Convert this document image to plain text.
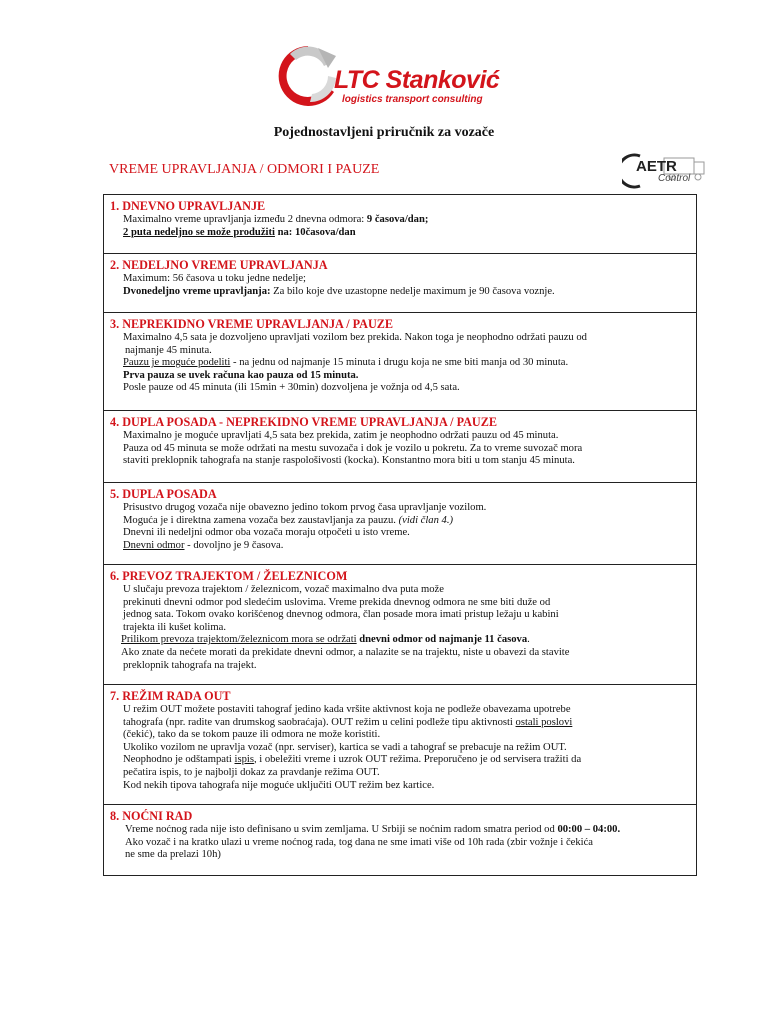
LTC Stanković
logistics transport consulting
Pojednostavljeni priručnik za vozače
VREME UPRAVLJANJA / ODMORI I PAUZE	AETR
Control
1. DNEVNO UPRAVLJANJE
Maximalno vreme upravljanja između 2 dnevna odmora: 9 časova/dan;
2 puta nedeljno se može produžiti na: 10časova/dan
2. NEDELJNO VREME UPRAVLJANJA
Maximum: 56 časova u toku jedne nedelje;
Dvonedeljno vreme upravljanja: Za bilo koje dve uzastopne nedelje maximum je 90 časova voznje.
3. NEPREKIDNO VREME UPRAVLJANJA / PAUZE
Maximalno 4,5 sata je dozvoljeno upravljati vozilom bez prekida. Nakon toga je neophodno održati pauzu od
najmanje 45 minuta.
Pauzu je moguće podeliti - na jednu od najmanje 15 minuta i drugu koja ne sme biti manja od 30 minuta.
Prva pauza se uvek računa kao pauza od 15 minuta.
Posle pauze od 45 minuta (ili 15min + 30min) dozvoljena je vožnja od 4,5 sata.
4. DUPLA POSADA - NEPREKIDNO VREME UPRAVLJANJA / PAUZE
Maximalno je moguće upravljati 4,5 sata bez prekida, zatim je neophodno održati pauzu od 45 minuta.
Pauza od 45 minuta se može održati na mestu suvozača i dok je vozilo u pokretu. Za to vreme suvozač mora
staviti preklopnik tahografa na stanje raspološivosti (kocka). Konstantno mora biti u tom stanju 45 minuta.
5. DUPLA POSADA
Prisustvo drugog vozača nije obavezno jedino tokom prvog časa upravljanje vozilom.
Moguća je i direktna zamena vozača bez zaustavljanja za pauzu. (vidi član 4.)
Dnevni ili nedeljni odmor oba vozača moraju otpočeti u isto vreme.
Dnevni odmor - dovoljno je 9 časova.
6. PREVOZ TRAJEKTOM / ŽELEZNICOM
U slučaju prevoza trajektom / železnicom, vozač maximalno dva puta može
prekinuti dnevni odmor pod sledećim uslovima. Vreme prekida dnevnog odmora ne sme biti duže od
jednog sata. Tokom ovako korišćenog dnevnog odmora, član posade mora imati pristup ležaju u kabini
trajekta ili kušet kolima.
Prilikom prevoza trajektom/železnicom mora se održati dnevni odmor od najmanje 11 časova.
Ako znate da nećete morati da prekidate dnevni odmor, a nalazite se na trajektu, niste u obavezi da stavite
preklopnik tahografa na trajekt.
7. REŽIM RADA OUT
U režim OUT možete postaviti tahograf jedino kada vršite aktivnost koja ne podleže obavezama upotrebe
tahografa (npr. radite van drumskog saobraćaja). OUT režim u celini podleže tipu aktivnosti ostali poslovi
(čekić), tako da se tokom pauze ili odmora ne može koristiti.
Ukoliko vozilom ne upravlja vozač (npr. serviser), kartica se vadi a tahograf se prebacuje na režim OUT.
Neophodno je odštampati ispis, i obeležiti vreme i uzrok OUT režima. Preporučeno je od servisera tražiti da
pečatira ispis, to je najbolji dokaz za pravdanje režima OUT.
Kod nekih tipova tahografa nije moguće uključiti OUT režim bez kartice.
8. NOĆNI RAD
Vreme noćnog rada nije isto definisano u svim zemljama. U Srbiji se noćnim radom smatra period od 00:00 – 04:00.
Ako vozač i na kratko ulazi u vreme noćnog rada, tog dana ne sme imati više od 10h rada (zbir vožnje i čekića
ne sme da prelazi 10h)
